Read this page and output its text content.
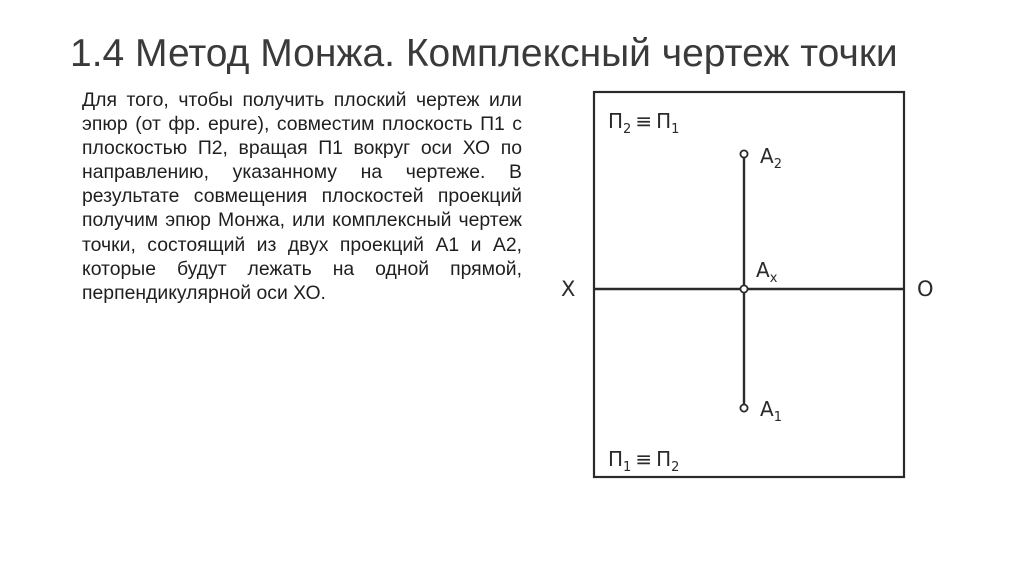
1.4 Метод Монжа. Комплексный чертеж точки
Для того, чтобы получить плоский чертеж или эпюр (от фр. epure), совместим плоскость П1 с плоскостью П2, вращая П1 вокруг оси ХО по направлению, указанному на чертеже. В результате совмещения плоскостей проекций получим эпюр Монжа, или комплексный чертеж точки, состоящий из двух проекций А1 и А2, которые будут лежать на одной прямой, перпендикулярной оси ХО.
$П_2 \equiv П_1$
$П_1 \equiv П_2$
X	O
$A_2$
$A_x$
$A_1$
